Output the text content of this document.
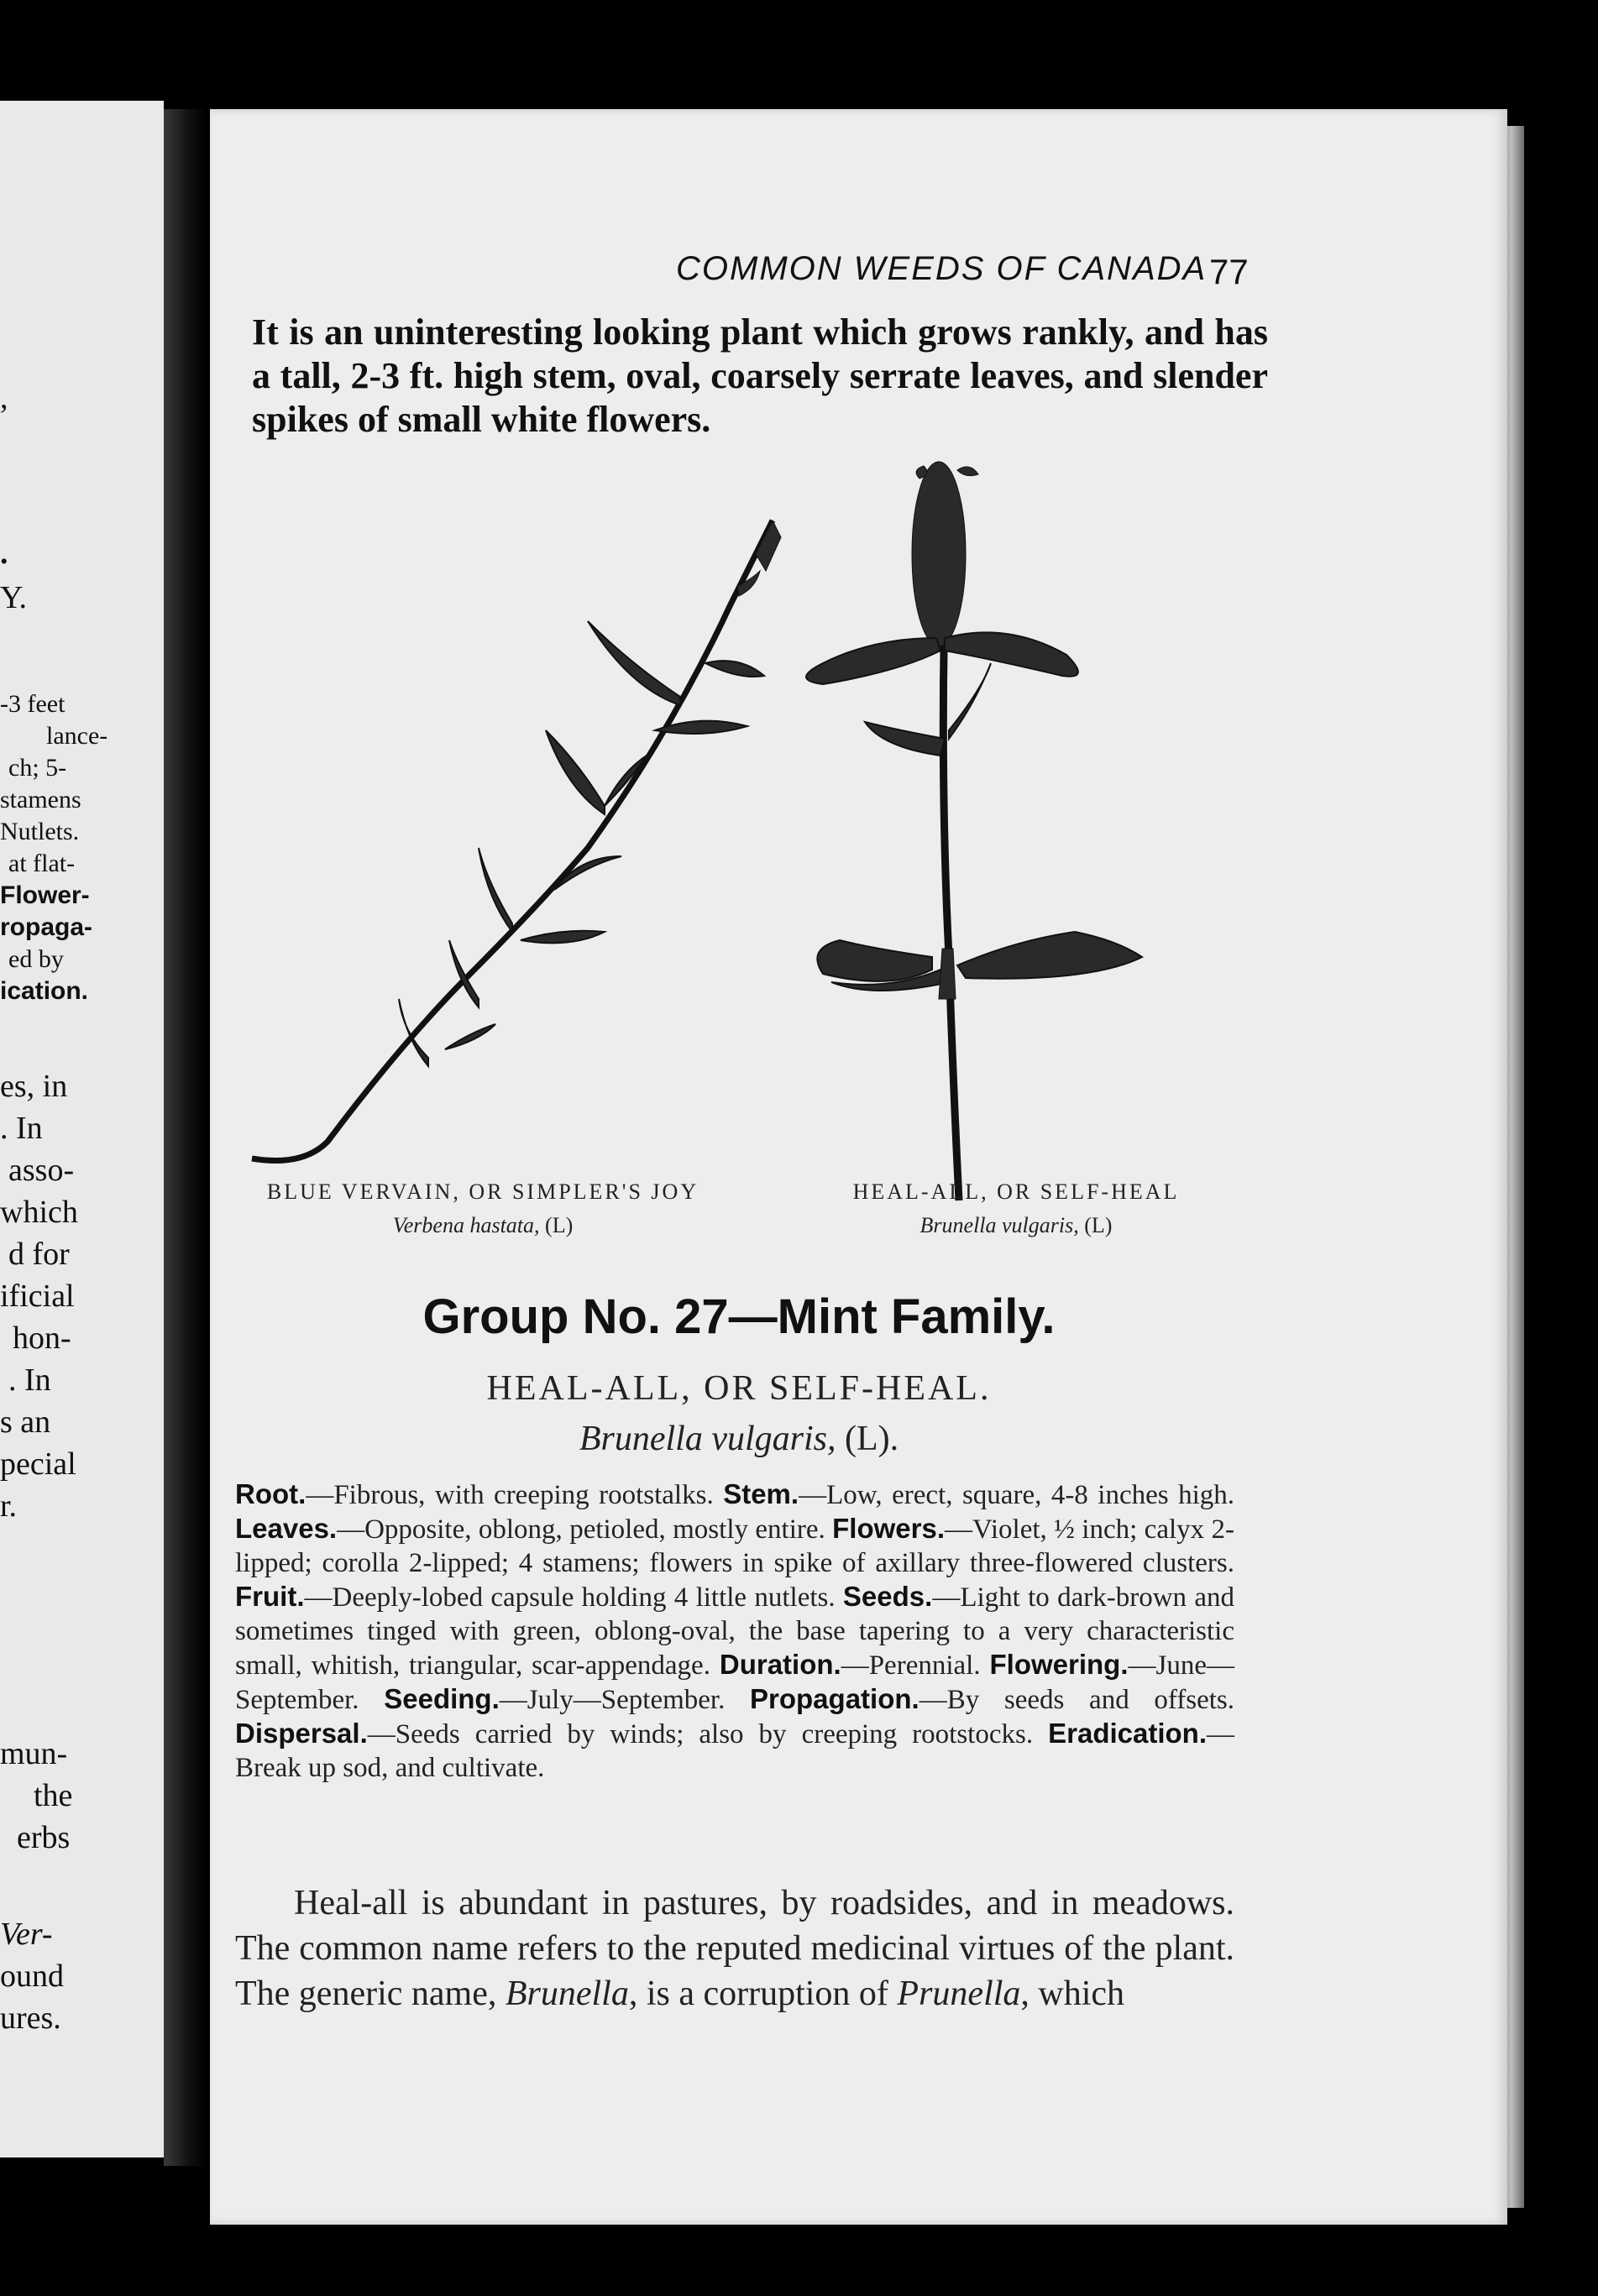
,
.
Y.
-3 feet
lance-
ch; 5-
stamens
Nutlets.
at flat-
Flower-
ropaga-
ed by
ication.
es, in
. In
asso-
which
d for
ificial
hon-
. In
s an
pecial
r.
mun-
the
erbs
Ver-
ound
ures.
COMMON WEEDS OF CANADA 77
It is an uninteresting looking plant which grows rankly, and has a tall, 2-3 ft. high stem, oval, coarsely serrate leaves, and slender spikes of small white flowers.
BLUE VERVAIN, OR SIMPLER'S JOY
Verbena hastata, (L)
HEAL-ALL, OR SELF-HEAL
Brunella vulgaris, (L)
Group No. 27—Mint Family.
HEAL-ALL, OR SELF-HEAL.
Brunella vulgaris, (L).
Root.—Fibrous, with creeping rootstalks. Stem.—Low, erect, square, 4-8 inches high. Leaves.—Opposite, oblong, petioled, mostly entire. Flowers.—Violet, ½ inch; calyx 2-lipped; corolla 2-lipped; 4 stamens; flowers in spike of axillary three-flowered clusters. Fruit.—Deeply-lobed capsule holding 4 little nutlets. Seeds.—Light to dark-brown and sometimes tinged with green, oblong-oval, the base tapering to a very characteristic small, whitish, triangular, scar-appendage. Duration.—Perennial. Flowering.—June—September. Seeding.—July—September. Propagation.—By seeds and offsets. Dispersal.—Seeds carried by winds; also by creeping rootstocks. Eradication.—Break up sod, and cultivate.
Heal-all is abundant in pastures, by roadsides, and in meadows. The common name refers to the reputed medicinal virtues of the plant. The generic name, Brunella, is a corruption of Prunella, which
